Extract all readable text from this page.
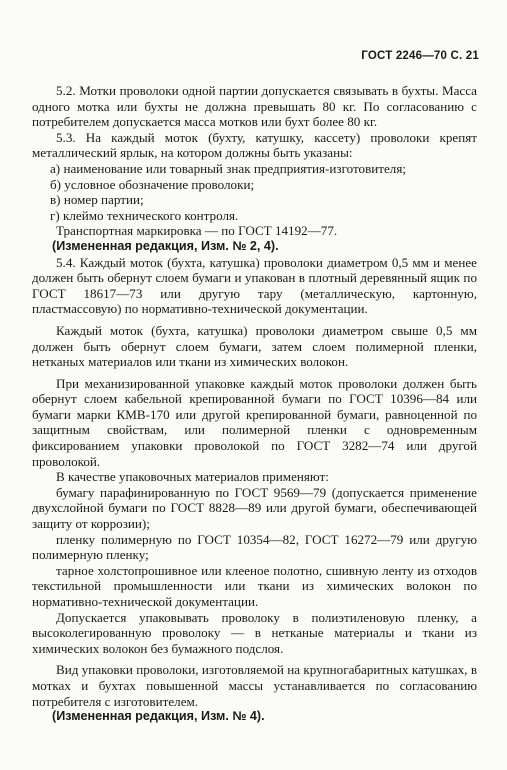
ГОСТ 2246—70 С. 21

5.2. Мотки проволоки одной партии допускается связывать в бухты. Масса одного мотка или бухты не должна превышать 80 кг. По согласованию с потребителем допускается масса мотков или бухт более 80 кг.

5.3. На каждый моток (бухту, катушку, кассету) проволоки крепят металлический ярлык, на котором должны быть указаны:

а) наименование или товарный знак предприятия-изготовителя;

б) условное обозначение проволоки;

в) номер партии;

г) клеймо технического контроля.

Транспортная маркировка — по ГОСТ 14192—77.

(Измененная редакция, Изм. № 2, 4).

5.4. Каждый моток (бухта, катушка) проволоки диаметром 0,5 мм и менее должен быть обернут слоем бумаги и упакован в плотный деревянный ящик по ГОСТ 18617—73 или другую тару (металлическую, картонную, пластмассовую) по нормативно-технической документации.

Каждый моток (бухта, катушка) проволоки диаметром свыше 0,5 мм должен быть обернут слоем бумаги, затем слоем полимерной пленки, нетканых материалов или ткани из химических волокон.

При механизированной упаковке каждый моток проволоки должен быть обернут слоем кабельной крепированной бумаги по ГОСТ 10396—84 или бумаги марки КМВ-170 или другой крепированной бумаги, равноценной по защитным свойствам, или полимерной пленки с одновременным фиксированием упаковки проволокой по ГОСТ 3282—74 или другой проволокой.

В качестве упаковочных материалов применяют:

бумагу парафинированную по ГОСТ 9569—79 (допускается применение двухслойной бумаги по ГОСТ 8828—89 или другой бумаги, обеспечивающей защиту от коррозии);

пленку полимерную по ГОСТ 10354—82, ГОСТ 16272—79 или другую полимерную пленку;

тарное холстопрошивное или клееное полотно, сшивную ленту из отходов текстильной промышленности или ткани из химических волокон по нормативно-технической документации.

Допускается упаковывать проволоку в полиэтиленовую пленку, а высоколегированную проволоку — в нетканые материалы и ткани из химических волокон без бумажного подслоя.

Вид упаковки проволоки, изготовляемой на крупногабаритных катушках, в мотках и бухтах повышенной массы устанавливается по согласованию потребителя с изготовителем.

(Измененная редакция, Изм. № 4).
